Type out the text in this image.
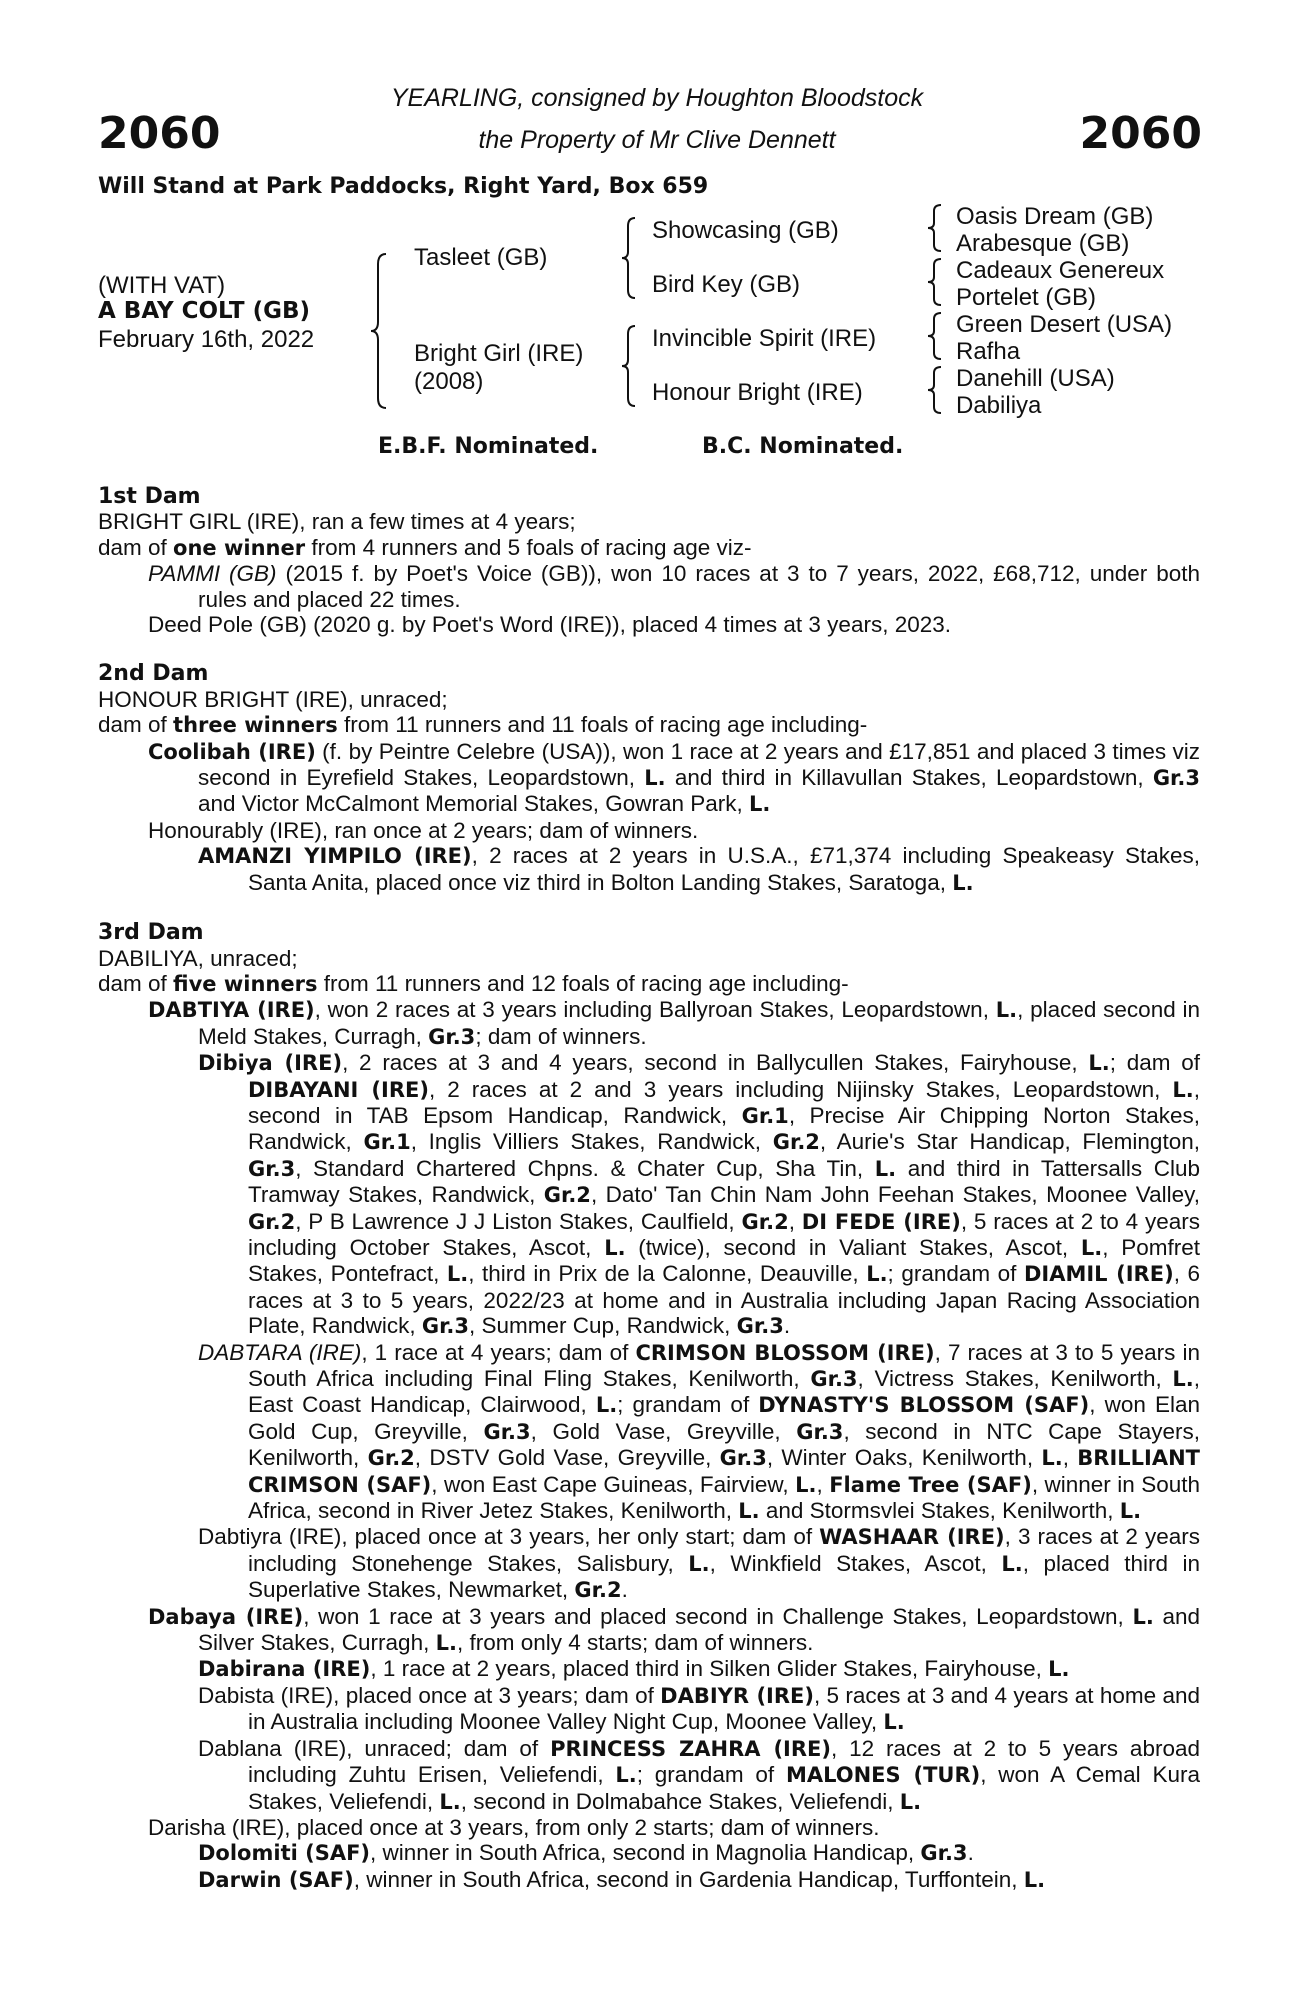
YEARLING, consigned by Houghton Bloodstock
the Property of Mr Clive Dennett
2060	2060
Will Stand at Park Paddocks, Right Yard, Box 659
(WITH VAT)
A BAY COLT (GB)
February 16th, 2022
Tasleet (GB)
Bright Girl (IRE)
(2008)
Showcasing (GB)
Bird Key (GB)
Invincible Spirit (IRE)
Honour Bright (IRE)
Oasis Dream (GB)
Arabesque (GB)
Cadeaux Genereux
Portelet (GB)
Green Desert (USA)
Rafha
Danehill (USA)
Dabiliya
E.B.F. Nominated.	B.C. Nominated.
1st Dam
BRIGHT GIRL (IRE), ran a few times at 4 years;
dam of one winner from 4 runners and 5 foals of racing age viz-
PAMMI (GB) (2015 f. by Poet's Voice (GB)), won 10 races at 3 to 7 years, 2022, £68,712, under both rules and placed 22 times.
Deed Pole (GB) (2020 g. by Poet's Word (IRE)), placed 4 times at 3 years, 2023.
2nd Dam
HONOUR BRIGHT (IRE), unraced;
dam of three winners from 11 runners and 11 foals of racing age including-
Coolibah (IRE) (f. by Peintre Celebre (USA)), won 1 race at 2 years and £17,851 and placed 3 times viz second in Eyrefield Stakes, Leopardstown, L. and third in Killavullan Stakes, Leopardstown, Gr.3 and Victor McCalmont Memorial Stakes, Gowran Park, L.
Honourably (IRE), ran once at 2 years; dam of winners.
AMANZI YIMPILO (IRE), 2 races at 2 years in U.S.A., £71,374 including Speakeasy Stakes, Santa Anita, placed once viz third in Bolton Landing Stakes, Saratoga, L.
3rd Dam
DABILIYA, unraced;
dam of five winners from 11 runners and 12 foals of racing age including-
DABTIYA (IRE), won 2 races at 3 years including Ballyroan Stakes, Leopardstown, L., placed second in Meld Stakes, Curragh, Gr.3; dam of winners.
Dibiya (IRE), 2 races at 3 and 4 years, second in Ballycullen Stakes, Fairyhouse, L.; dam of DIBAYANI (IRE), 2 races at 2 and 3 years including Nijinsky Stakes, Leopardstown, L., second in TAB Epsom Handicap, Randwick, Gr.1, Precise Air Chipping Norton Stakes, Randwick, Gr.1, Inglis Villiers Stakes, Randwick, Gr.2, Aurie's Star Handicap, Flemington, Gr.3, Standard Chartered Chpns. & Chater Cup, Sha Tin, L. and third in Tattersalls Club Tramway Stakes, Randwick, Gr.2, Dato' Tan Chin Nam John Feehan Stakes, Moonee Valley, Gr.2, P B Lawrence J J Liston Stakes, Caulfield, Gr.2, DI FEDE (IRE), 5 races at 2 to 4 years including October Stakes, Ascot, L. (twice), second in Valiant Stakes, Ascot, L., Pomfret Stakes, Pontefract, L., third in Prix de la Calonne, Deauville, L.; grandam of DIAMIL (IRE), 6 races at 3 to 5 years, 2022/23 at home and in Australia including Japan Racing Association Plate, Randwick, Gr.3, Summer Cup, Randwick, Gr.3.
DABTARA (IRE), 1 race at 4 years; dam of CRIMSON BLOSSOM (IRE), 7 races at 3 to 5 years in South Africa including Final Fling Stakes, Kenilworth, Gr.3, Victress Stakes, Kenilworth, L., East Coast Handicap, Clairwood, L.; grandam of DYNASTY'S BLOSSOM (SAF), won Elan Gold Cup, Greyville, Gr.3, Gold Vase, Greyville, Gr.3, second in NTC Cape Stayers, Kenilworth, Gr.2, DSTV Gold Vase, Greyville, Gr.3, Winter Oaks, Kenilworth, L., BRILLIANT CRIMSON (SAF), won East Cape Guineas, Fairview, L., Flame Tree (SAF), winner in South Africa, second in River Jetez Stakes, Kenilworth, L. and Stormsvlei Stakes, Kenilworth, L.
Dabtiyra (IRE), placed once at 3 years, her only start; dam of WASHAAR (IRE), 3 races at 2 years including Stonehenge Stakes, Salisbury, L., Winkfield Stakes, Ascot, L., placed third in Superlative Stakes, Newmarket, Gr.2.
Dabaya (IRE), won 1 race at 3 years and placed second in Challenge Stakes, Leopardstown, L. and Silver Stakes, Curragh, L., from only 4 starts; dam of winners.
Dabirana (IRE), 1 race at 2 years, placed third in Silken Glider Stakes, Fairyhouse, L.
Dabista (IRE), placed once at 3 years; dam of DABIYR (IRE), 5 races at 3 and 4 years at home and in Australia including Moonee Valley Night Cup, Moonee Valley, L.
Dablana (IRE), unraced; dam of PRINCESS ZAHRA (IRE), 12 races at 2 to 5 years abroad including Zuhtu Erisen, Veliefendi, L.; grandam of MALONES (TUR), won A Cemal Kura Stakes, Veliefendi, L., second in Dolmabahce Stakes, Veliefendi, L.
Darisha (IRE), placed once at 3 years, from only 2 starts; dam of winners.
Dolomiti (SAF), winner in South Africa, second in Magnolia Handicap, Gr.3.
Darwin (SAF), winner in South Africa, second in Gardenia Handicap, Turffontein, L.
